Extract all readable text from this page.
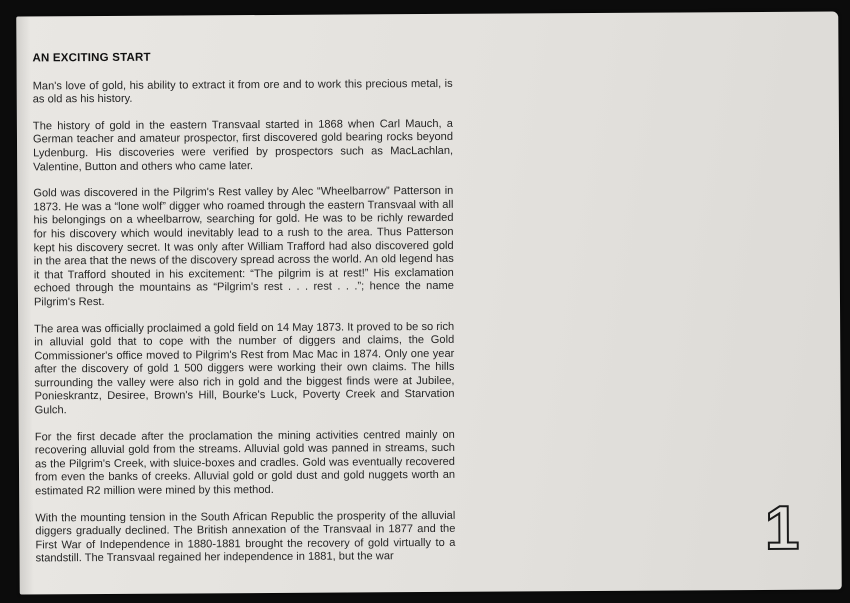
AN EXCITING START

Man's love of gold, his ability to extract it from ore and to work this precious metal, is as old as his history.

The history of gold in the eastern Transvaal started in 1868 when Carl Mauch, a German teacher and amateur prospector, first discovered gold bearing rocks beyond Lydenburg. His discoveries were verified by prospectors such as MacLachlan, Valentine, Button and others who came later.

Gold was discovered in the Pilgrim's Rest valley by Alec “Wheelbarrow” Patterson in 1873. He was a “lone wolf” digger who roamed through the eastern Transvaal with all his belongings on a wheelbarrow, searching for gold. He was to be richly rewarded for his discovery which would inevitably lead to a rush to the area. Thus Patterson kept his discovery secret. It was only after William Trafford had also discovered gold in the area that the news of the discovery spread across the world. An old legend has it that Trafford shouted in his excitement: “The pilgrim is at rest!” His exclamation echoed through the mountains as “Pilgrim's rest . . . rest . . .”; hence the name Pilgrim's Rest.

The area was officially proclaimed a gold field on 14 May 1873. It proved to be so rich in alluvial gold that to cope with the number of diggers and claims, the Gold Commissioner's office moved to Pilgrim's Rest from Mac Mac in 1874. Only one year after the discovery of gold 1 500 diggers were working their own claims. The hills surrounding the valley were also rich in gold and the biggest finds were at Jubilee, Ponieskrantz, Desiree, Brown's Hill, Bourke's Luck, Poverty Creek and Starvation Gulch.

For the first decade after the proclamation the mining activities centred mainly on recovering alluvial gold from the streams. Alluvial gold was panned in streams, such as the Pilgrim's Creek, with sluice-boxes and cradles. Gold was eventually recovered from even the banks of creeks. Alluvial gold or gold dust and gold nuggets worth an estimated R2 million were mined by this method.

With the mounting tension in the South African Republic the prosperity of the alluvial diggers gradually declined. The British annexation of the Transvaal in 1877 and the First War of Independence in 1880-1881 brought the recovery of gold virtually to a standstill. The Transvaal regained her independence in 1881, but the war	1
